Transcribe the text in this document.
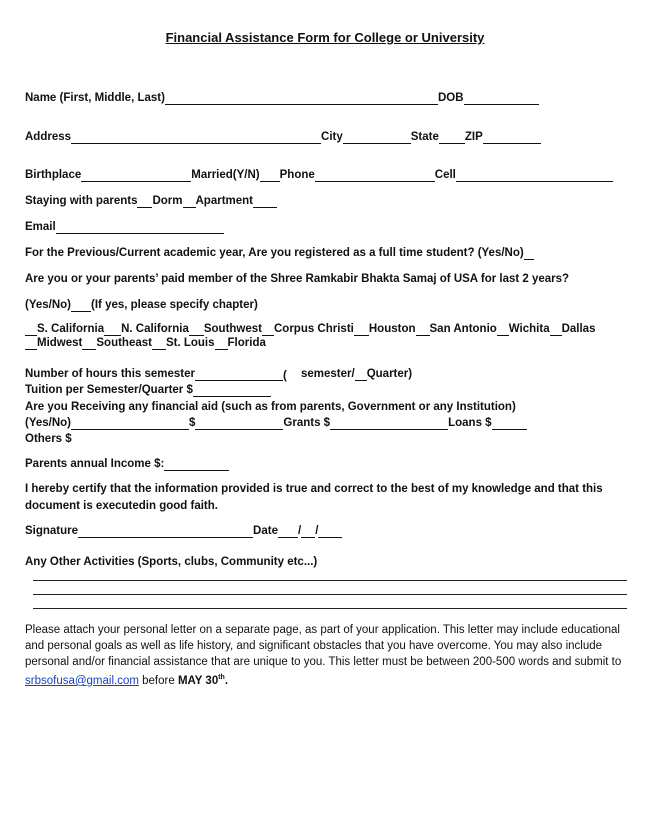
Financial Assistance Form for College or University
Name (First, Middle, Last)	DOB
Address	City	State ZIP
Birthplace	Married(Y/N) Phone	Cell
Staying with parents Dorm Apartment
Email
For the Previous/Current academic year, Are you registered as a full time student? (Yes/No)
Are you or your parents’ paid member of the Shree Ramkabir Bhakta Samaj of USA for last 2 years?
(Yes/No) (If yes, please specify chapter)
S. California N. California Southwest Corpus Christi Houston San Antonio Wichita Dallas
Midwest Southeast St. Louis Florida
Number of hours this semester	( semester/ Quarter)
Tuition per Semester/Quarter $
Are you Receiving any financial aid (such as from parents, Government or any Institution)
(Yes/No)	$	Grants $	Loans $
Others $
Parents annual Income $:
I hereby certify that the information provided is true and correct to the best of my knowledge and that this
document is executedin good faith.
Signature	Date / /
Any Other Activities (Sports, clubs, Community etc...)
Please attach your personal letter on a separate page, as part of your application. This letter may include educational and personal goals as well as life history, and significant obstacles that you have overcome. You may also include personal and/or financial assistance that are unique to you. This letter must be between 200-500 words and submit to srbsofusa@gmail.com before MAY 30th.
